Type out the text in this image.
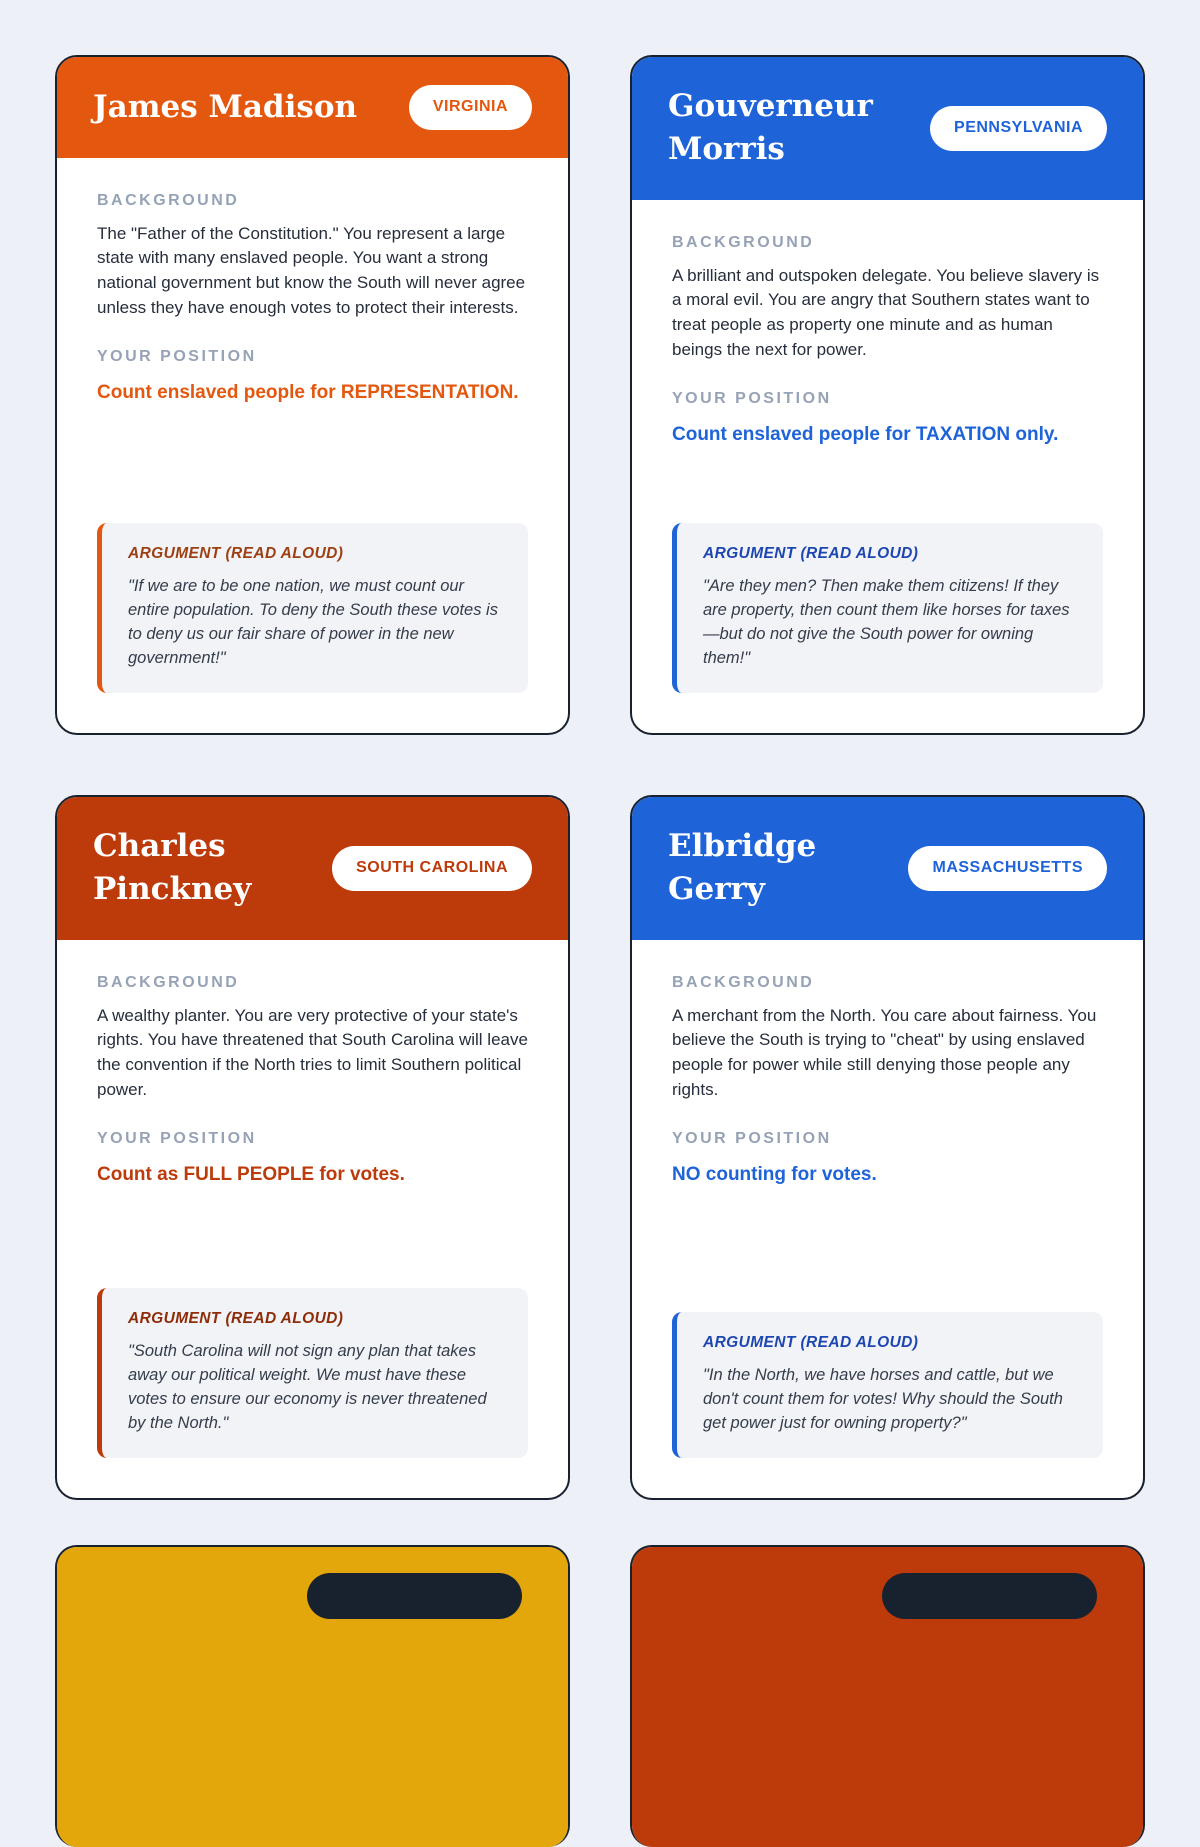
James Madison	VIRGINIA
BACKGROUND

The "Father of the Constitution." You represent a large state with many enslaved people. You want a strong national government but know the South will never agree unless they have enough votes to protect their interests.

YOUR POSITION

Count enslaved people for REPRESENTATION.

ARGUMENT (READ ALOUD)

"If we are to be one nation, we must count our entire population. To deny the South these votes is to deny us our fair share of power in the new government!"

Gouverneur Morris
PENNSYLVANIA
BACKGROUND

A brilliant and outspoken delegate. You believe slavery is a moral evil. You are angry that Southern states want to treat people as property one minute and as human beings the next for power.

YOUR POSITION

Count enslaved people for TAXATION only.

ARGUMENT (READ ALOUD)

"Are they men? Then make them citizens! If they are property, then count them like horses for taxes—but do not give the South power for owning them!"

Charles Pinckney
SOUTH CAROLINA
BACKGROUND

A wealthy planter. You are very protective of your state's rights. You have threatened that South Carolina will leave the convention if the North tries to limit Southern political power.

YOUR POSITION

Count as FULL PEOPLE for votes.

ARGUMENT (READ ALOUD)

"South Carolina will not sign any plan that takes away our political weight. We must have these votes to ensure our economy is never threatened by the North."

Elbridge Gerry
MASSACHUSETTS
BACKGROUND

A merchant from the North. You care about fairness. You believe the South is trying to "cheat" by using enslaved people for power while still denying those people any rights.

YOUR POSITION

NO counting for votes.

ARGUMENT (READ ALOUD)

"In the North, we have horses and cattle, but we don't count them for votes! Why should the South get power just for owning property?"
